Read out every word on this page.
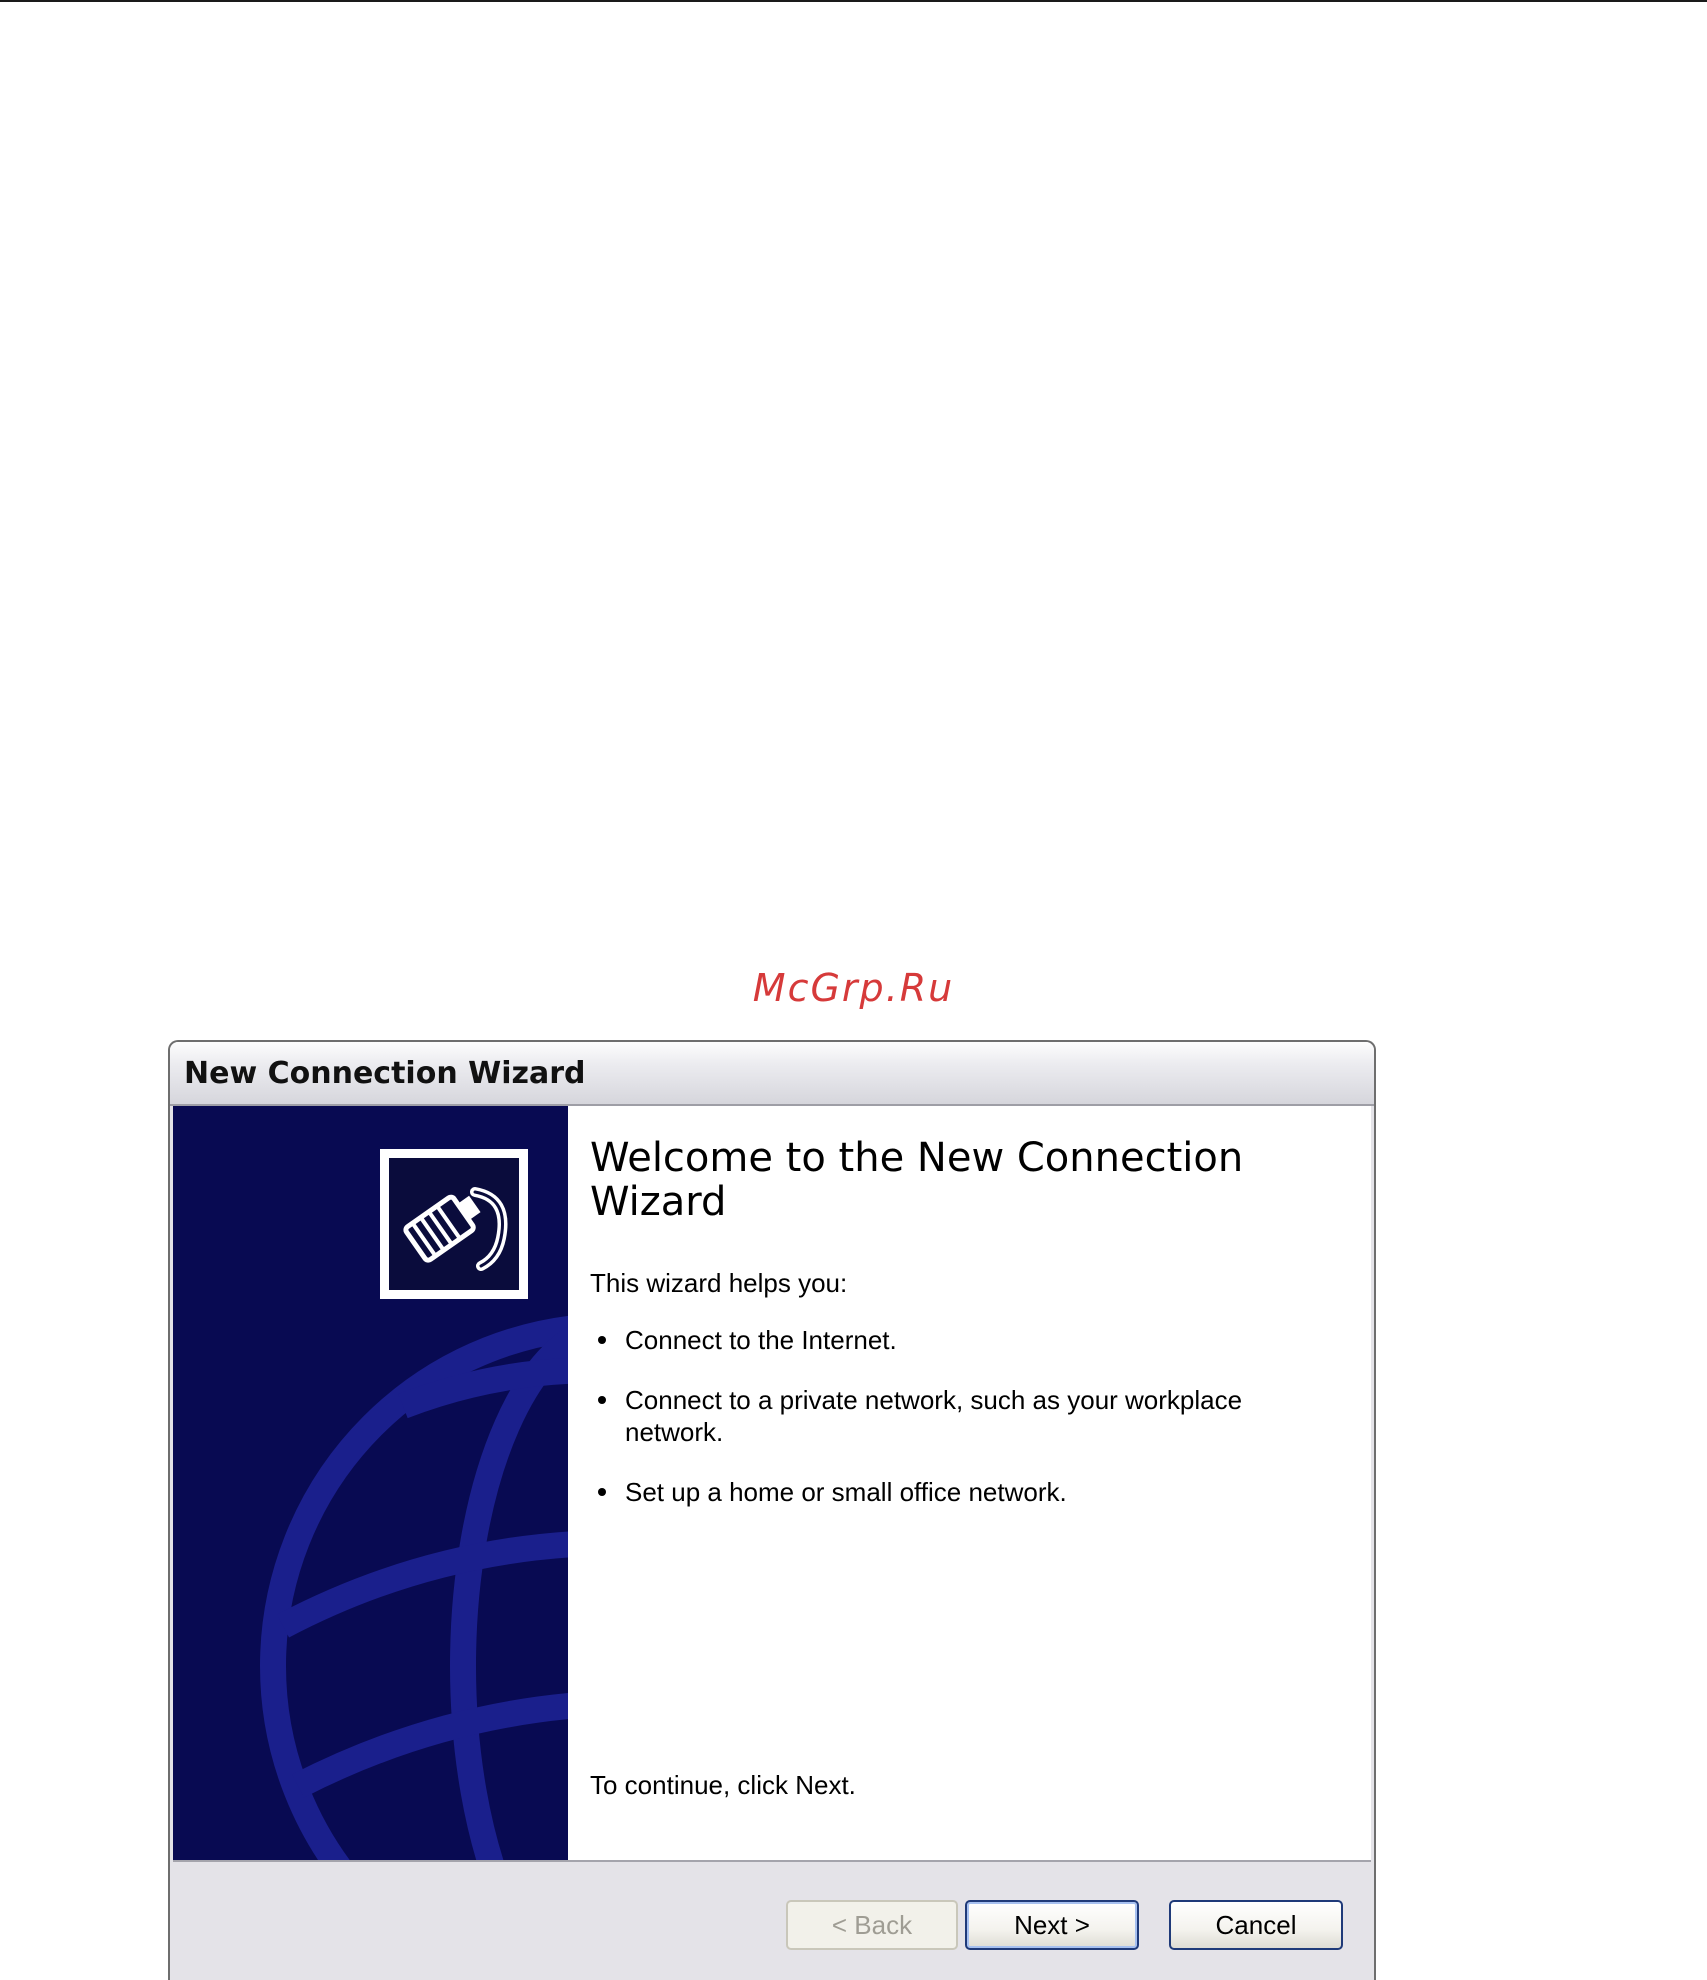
McGrp.Ru
New Connection Wizard
Welcome to the New Connection Wizard

This wizard helps you:

Connect to the Internet.
Connect to a private network, such as your workplace network.
Set up a home or small office network.

To continue, click Next.

< Back	Next >	Cancel
